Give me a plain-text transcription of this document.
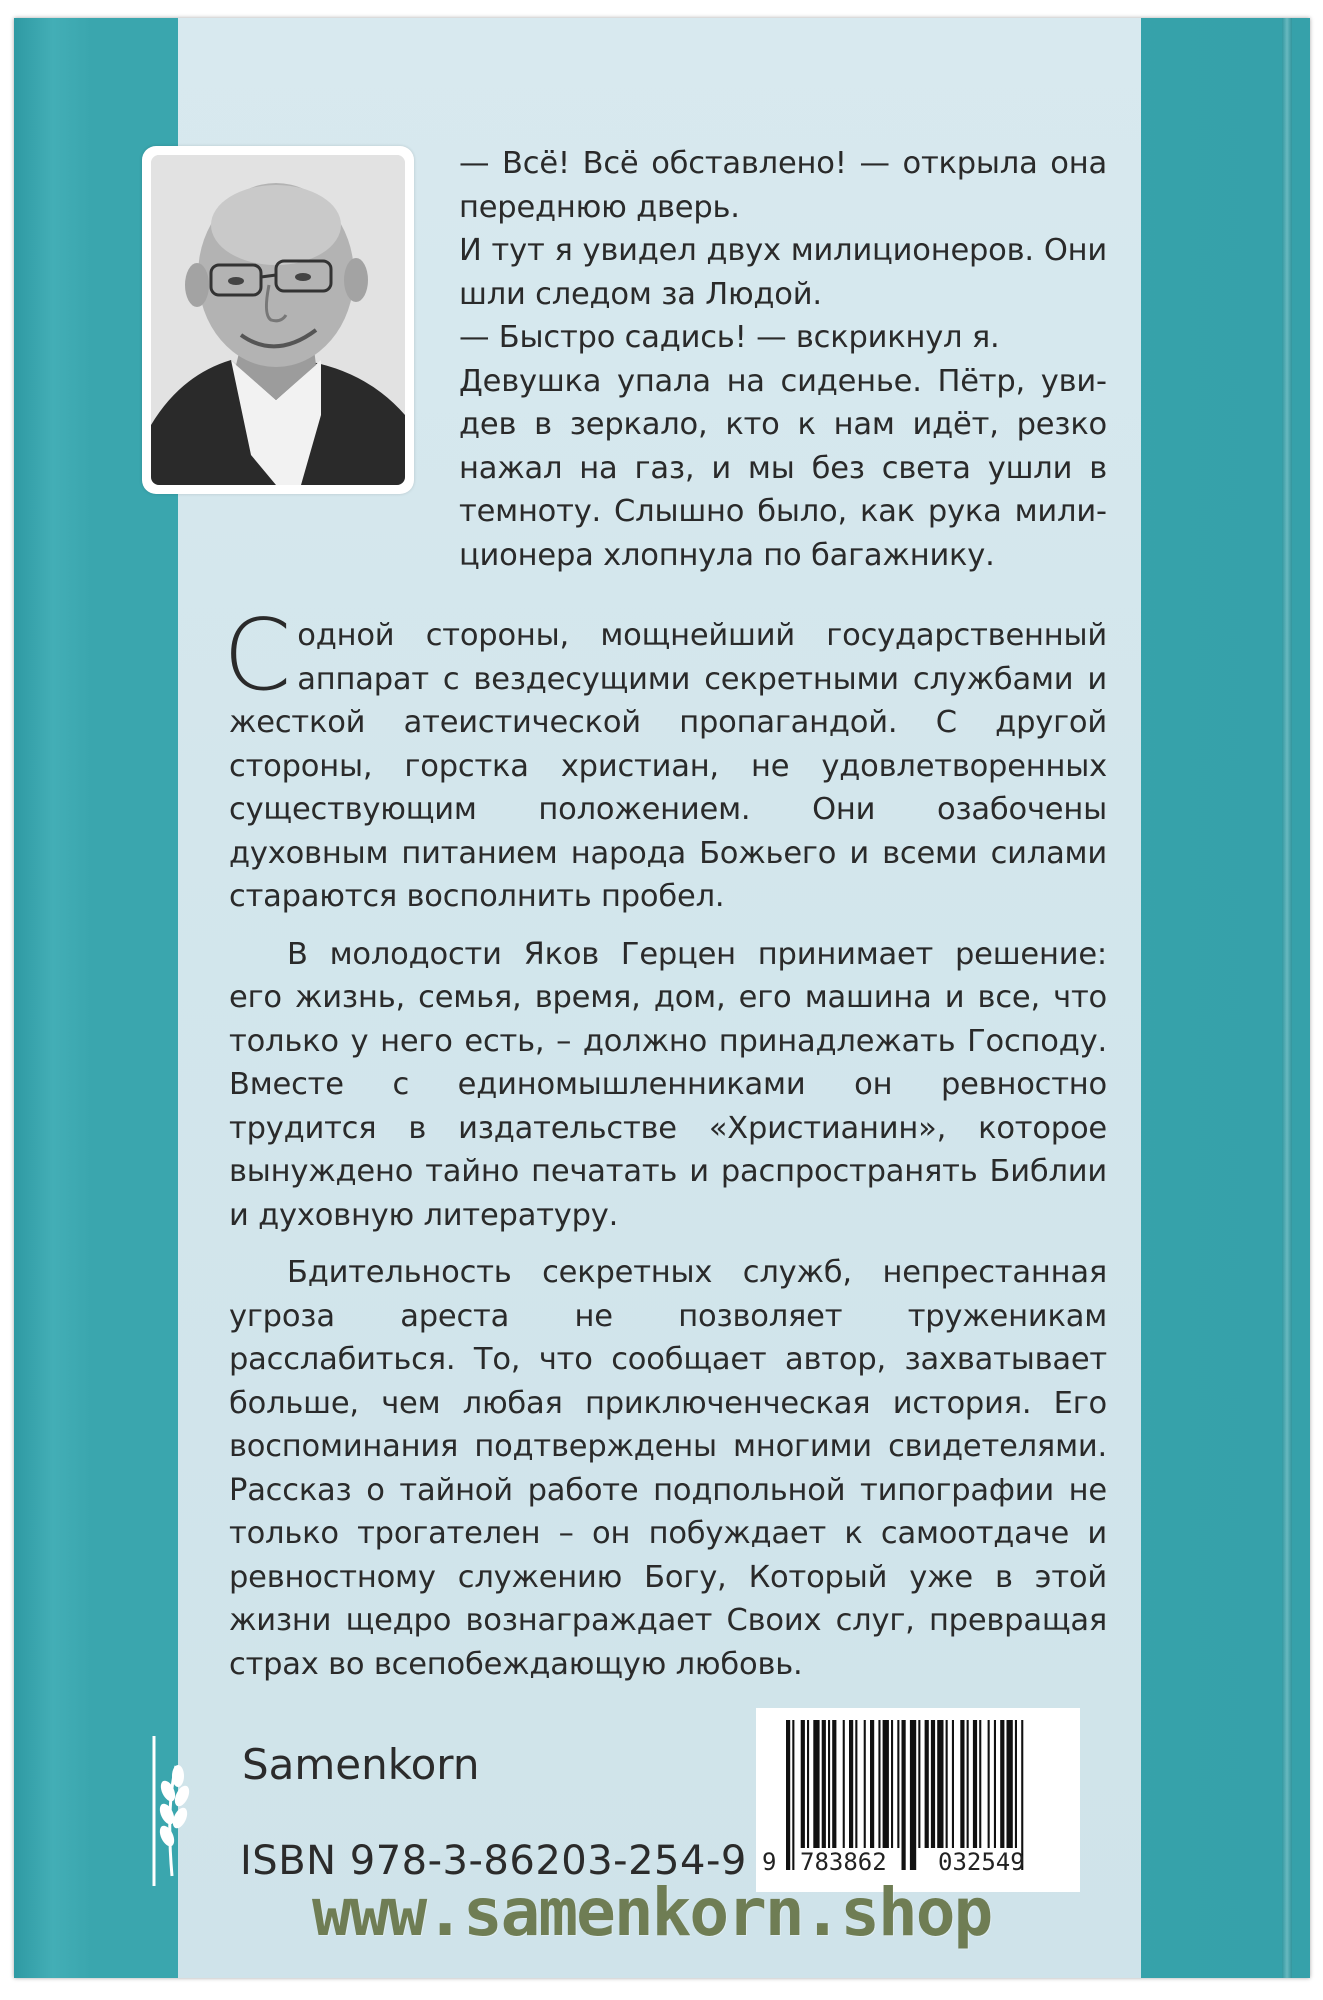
— Всё! Всё обставлено! — открыла она переднюю дверь.

И тут я увидел двух милиционеров. Они шли следом за Людой.

— Быстро садись! — вскрикнул я.

Девушка упала на сиденье. Пётр, увидев в зеркало, кто к нам идёт, резко нажал на газ, и мы без света ушли в темноту. Слышно было, как рука милиционера хлопнула по багажнику.

Содной стороны, мощнейший государственный аппарат с вездесущими секретными службами и жесткой атеистической пропагандой. С другой стороны, горстка христиан, не удовлетворенных существующим положением. Они озабочены духовным питанием народа Божьего и всеми силами стараются восполнить пробел.

В молодости Яков Герцен принимает решение: его жизнь, семья, время, дом, его машина и все, что только у него есть, – должно принадлежать Господу. Вместе с единомышленниками он ревностно трудится в издательстве «Христианин», которое вынуждено тайно печатать и распространять Библии и духовную литературу.

Бдительность секретных служб, непрестанная угроза ареста не позволяет труженикам расслабиться. То, что сообщает автор, захватывает больше, чем любая приключенческая история. Его воспоминания подтверждены многими свидетелями. Рассказ о тайной работе подпольной типографии не только трогателен – он побуждает к самоотдаче и ревностному служению Богу, Который уже в этой жизни щедро вознаграждает Своих слуг, превращая страх во всепобеждающую любовь.

Samenkorn
ISBN 978-3-86203-254-9 9 783862 032549
www.samenkorn.shop
